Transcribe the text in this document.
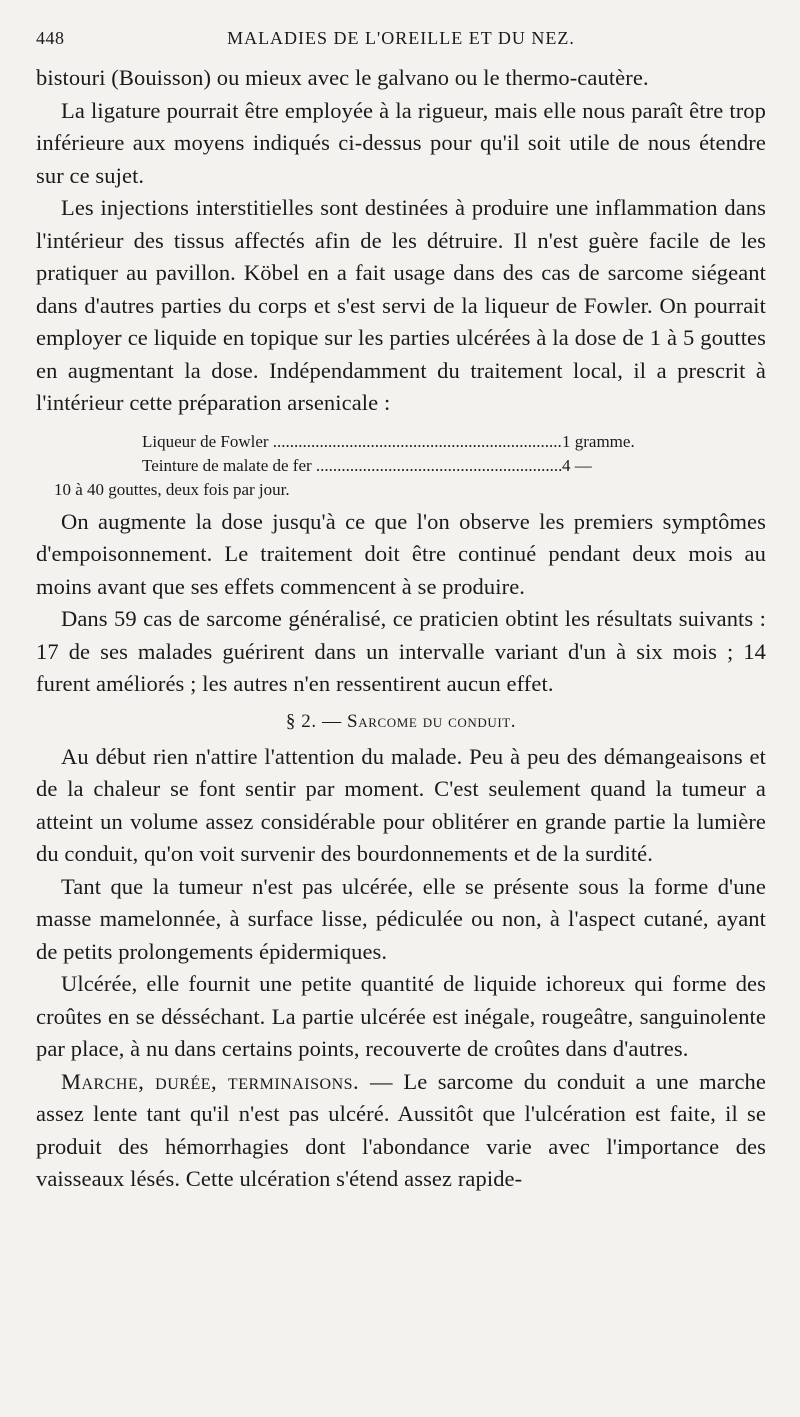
448	MALADIES DE L'OREILLE ET DU NEZ.

bistouri (Bouisson) ou mieux avec le galvano ou le thermo-cautère.

La ligature pourrait être employée à la rigueur, mais elle nous paraît être trop inférieure aux moyens indiqués ci-dessus pour qu'il soit utile de nous étendre sur ce sujet.

Les injections interstitielles sont destinées à produire une inflammation dans l'intérieur des tissus affectés afin de les détruire. Il n'est guère facile de les pratiquer au pavillon. Köbel en a fait usage dans des cas de sarcome siégeant dans d'autres parties du corps et s'est servi de la liqueur de Fowler. On pourrait employer ce liquide en topique sur les parties ulcérées à la dose de 1 à 5 gouttes en augmentant la dose. Indépendamment du traitement local, il a prescrit à l'intérieur cette préparation arsenicale :

Liqueur de Fowler .....	1 gramme.
Teinture de malate de fer .....	4 —
10 à 40 gouttes, deux fois par jour.

On augmente la dose jusqu'à ce que l'on observe les premiers symptômes d'empoisonnement. Le traitement doit être continué pendant deux mois au moins avant que ses effets commencent à se produire.

Dans 59 cas de sarcome généralisé, ce praticien obtint les résultats suivants : 17 de ses malades guérirent dans un intervalle variant d'un à six mois ; 14 furent améliorés ; les autres n'en ressentirent aucun effet.

§ 2. — Sarcome du conduit.

Au début rien n'attire l'attention du malade. Peu à peu des démangeaisons et de la chaleur se font sentir par moment. C'est seulement quand la tumeur a atteint un volume assez considérable pour oblitérer en grande partie la lumière du conduit, qu'on voit survenir des bourdonnements et de la surdité.

Tant que la tumeur n'est pas ulcérée, elle se présente sous la forme d'une masse mamelonnée, à surface lisse, pédiculée ou non, à l'aspect cutané, ayant de petits prolongements épidermiques.

Ulcérée, elle fournit une petite quantité de liquide ichoreux qui forme des croûtes en se désséchant. La partie ulcérée est inégale, rougeâtre, sanguinolente par place, à nu dans certains points, recouverte de croûtes dans d'autres.

Marche, durée, terminaisons. — Le sarcome du conduit a une marche assez lente tant qu'il n'est pas ulcéré. Aussitôt que l'ulcération est faite, il se produit des hémorrhagies dont l'abondance varie avec l'importance des vaisseaux lésés. Cette ulcération s'étend assez rapide-
